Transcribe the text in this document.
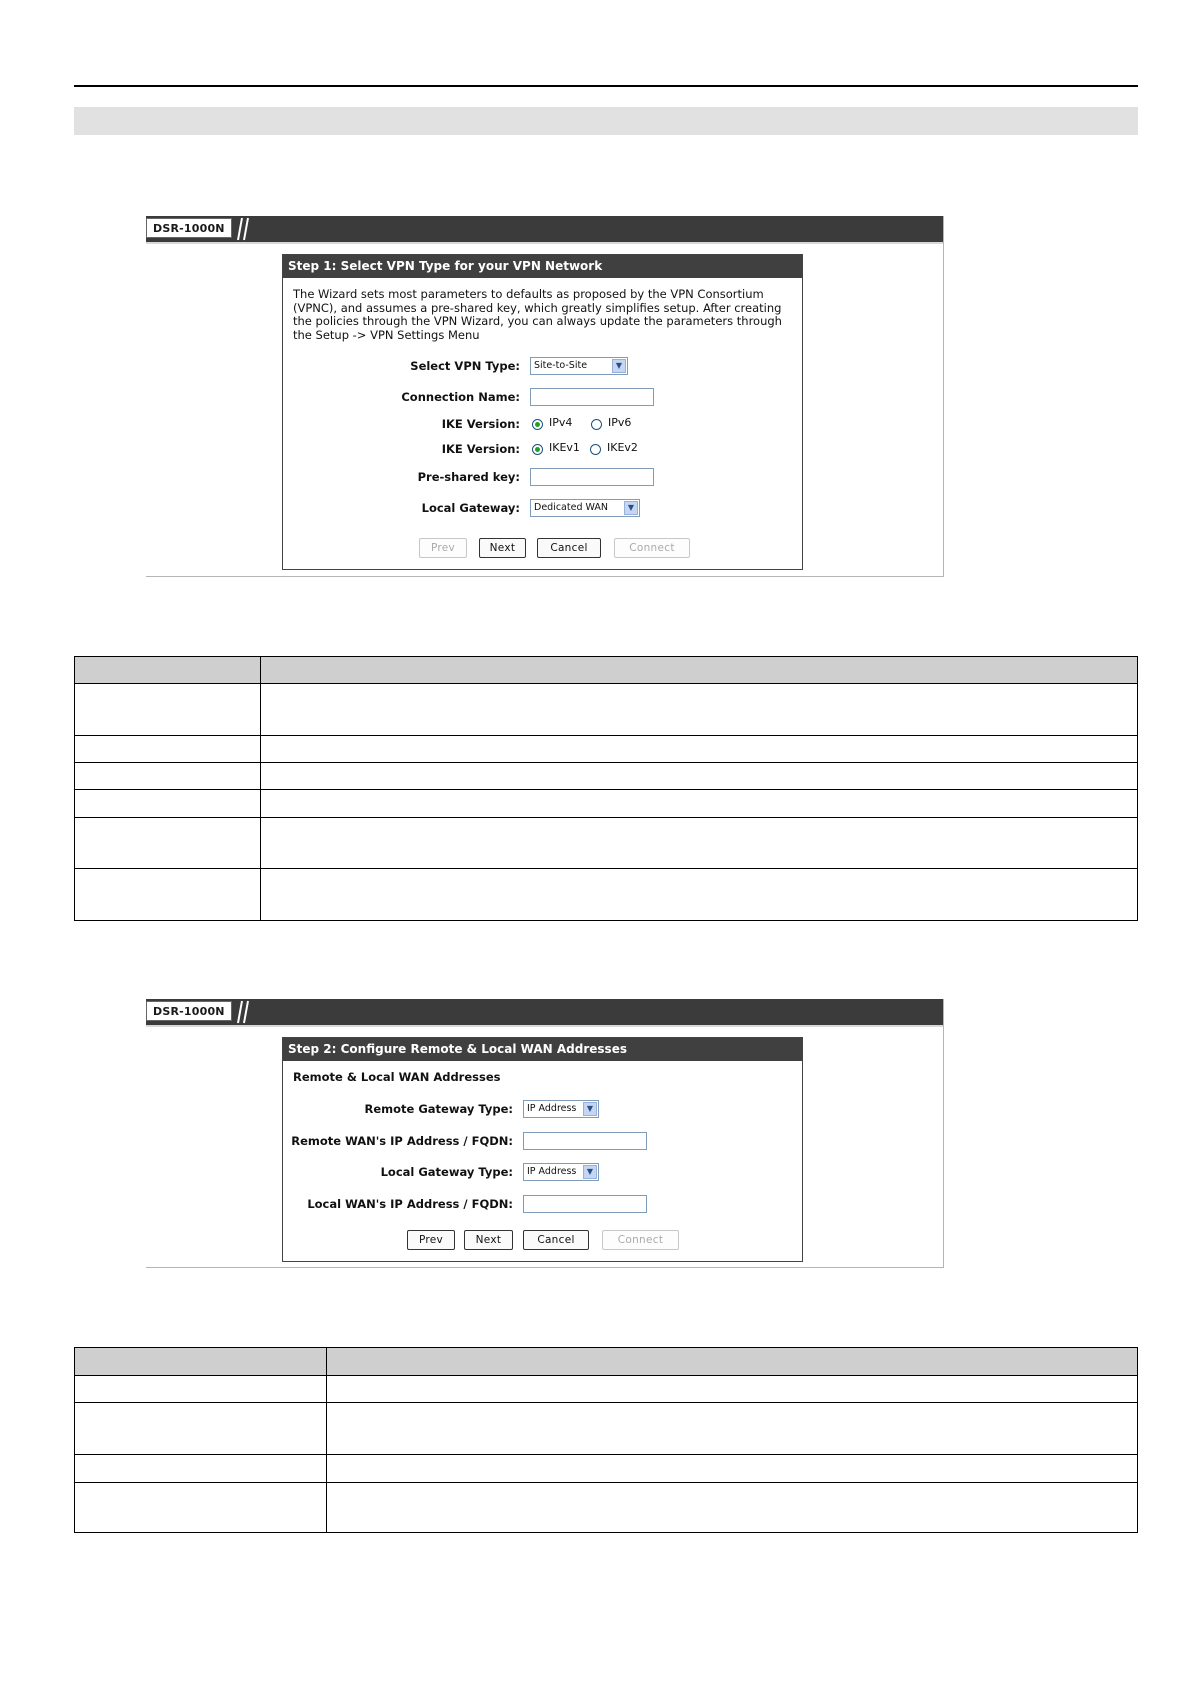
DSR-1000N
Step 1: Select VPN Type for your VPN Network
The Wizard sets most parameters to defaults as proposed by the VPN Consortium (VPNC), and assumes a pre-shared key, which greatly simplifies setup. After creating the policies through the VPN Wizard, you can always update the parameters through the Setup -> VPN Settings Menu
Select VPN Type:	Site-to-Site	▼
Connection Name:
IKE Version:	IPv4	IPv6
IKE Version:	IKEv1 IKEv2
Pre-shared key:
Local Gateway:	Dedicated WAN	▼
Prev	Next	Cancel	Connect
DSR-1000N
Step 2: Configure Remote & Local WAN Addresses
Remote & Local WAN Addresses
Remote Gateway Type:	IP Address	▼
Remote WAN's IP Address / FQDN:
Local Gateway Type:	IP Address	▼
Local WAN's IP Address / FQDN:
Prev	Next	Cancel	Connect
